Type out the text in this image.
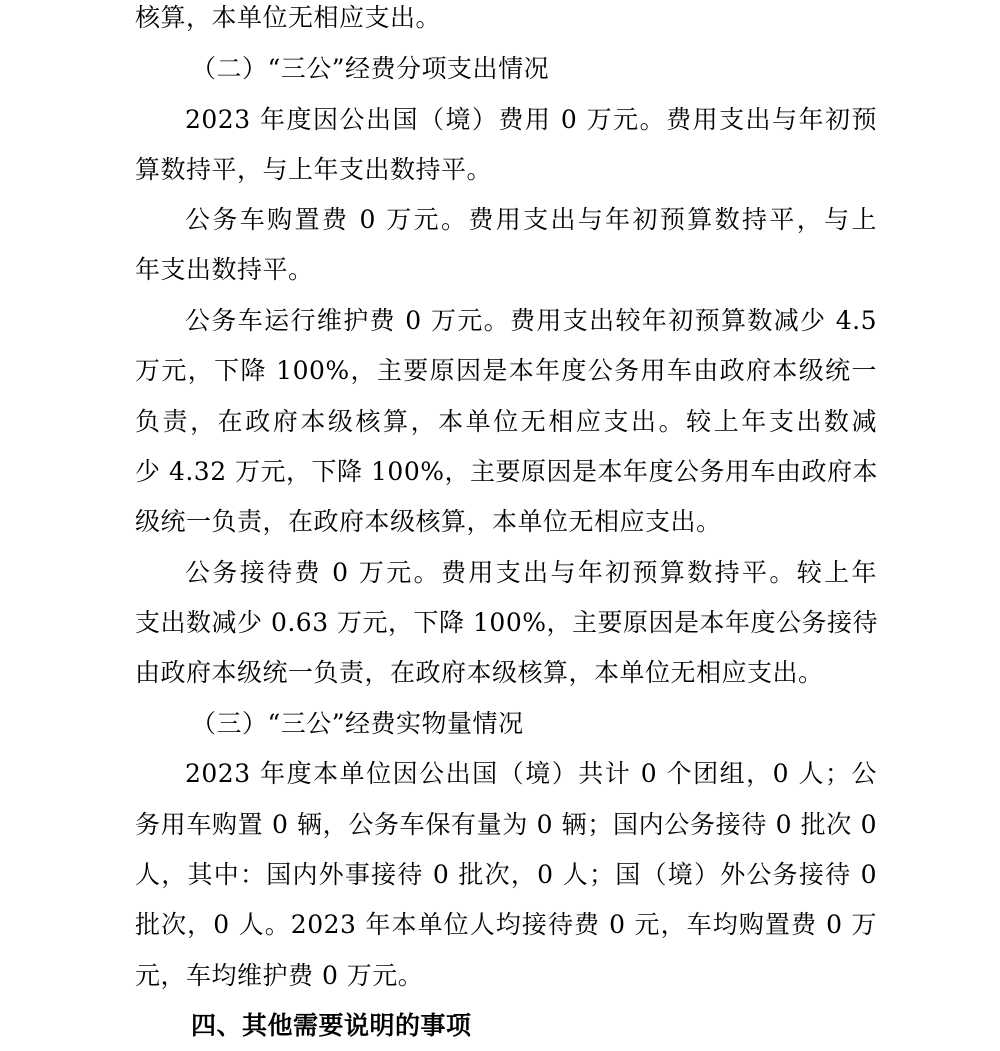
核算，本单位无相应支出。
（二）“三公”经费分项支出情况
2023 年度因公出国（境）费用 0 万元。费用支出与年初预
算数持平，与上年支出数持平。
公务车购置费 0 万元。费用支出与年初预算数持平，与上
年支出数持平。
公务车运行维护费 0 万元。费用支出较年初预算数减少 4.5
万元，下降 100%，主要原因是本年度公务用车由政府本级统一
负责，在政府本级核算，本单位无相应支出。较上年支出数减
少 4.32 万元，下降 100%，主要原因是本年度公务用车由政府本
级统一负责，在政府本级核算，本单位无相应支出。
公务接待费 0 万元。费用支出与年初预算数持平。较上年
支出数减少 0.63 万元，下降 100%，主要原因是本年度公务接待
由政府本级统一负责，在政府本级核算，本单位无相应支出。
（三）“三公”经费实物量情况
2023 年度本单位因公出国（境）共计 0 个团组，0 人；公
务用车购置 0 辆，公务车保有量为 0 辆；国内公务接待 0 批次 0
人，其中：国内外事接待 0 批次，0 人；国（境）外公务接待 0
批次，0 人。2023 年本单位人均接待费 0 元，车均购置费 0 万
元，车均维护费 0 万元。
四、其他需要说明的事项
